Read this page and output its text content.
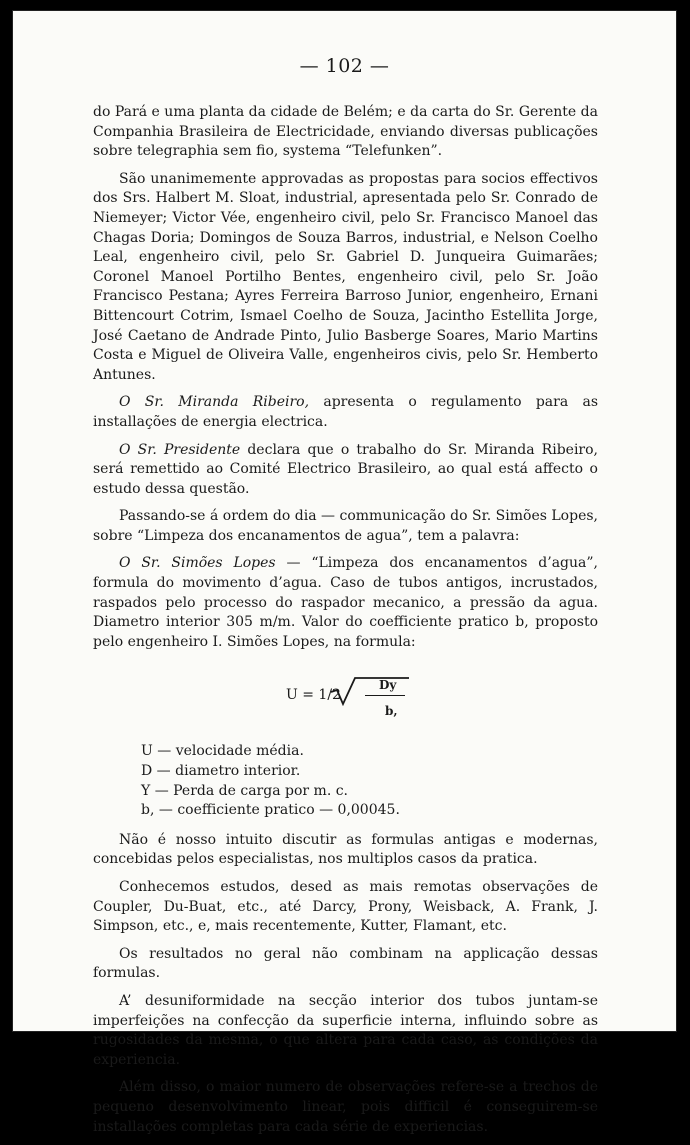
— 102 —

do Pará e uma planta da cidade de Belém; e da carta do Sr. Gerente da Companhia Brasileira de Electricidade, enviando diversas publicações sobre telegraphia sem fio, systema “Telefunken”.

São unanimemente approvadas as propostas para socios effectivos dos Srs. Halbert M. Sloat, industrial, apresentada pelo Sr. Conrado de Niemeyer; Victor Vée, engenheiro civil, pelo Sr. Francisco Manoel das Chagas Doria; Domingos de Souza Barros, industrial, e Nelson Coelho Leal, engenheiro civil, pelo Sr. Gabriel D. Junqueira Guimarães; Coronel Manoel Portilho Bentes, engenheiro civil, pelo Sr. João Francisco Pestana; Ayres Ferreira Barroso Junior, engenheiro, Ernani Bittencourt Cotrim, Ismael Coelho de Souza, Jacintho Estellita Jorge, José Caetano de Andrade Pinto, Julio Basberge Soares, Mario Martins Costa e Miguel de Oliveira Valle, engenheiros civis, pelo Sr. Hemberto Antunes.

O Sr. Miranda Ribeiro, apresenta o regulamento para as installações de energia electrica.

O Sr. Presidente declara que o trabalho do Sr. Miranda Ribeiro, será remettido ao Comité Electrico Brasileiro, ao qual está affecto o estudo dessa questão.

Passando-se á ordem do dia — communicação do Sr. Simões Lopes, sobre “Limpeza dos encanamentos de agua”, tem a palavra:

O Sr. Simões Lopes — “Limpeza dos encanamentos d’agua”, formula do movimento d’agua. Caso de tubos antigos, incrustados, raspados pelo processo do raspador mecanico, a pressão da agua. Diametro interior 305 m/m. Valor do coefficiente pratico b, proposto pelo engenheiro I. Simões Lopes, na formula:

U = 1/2
Dy
b,
U — velocidade média.
D — diametro interior.
Y — Perda de carga por m. c.
b, — coefficiente pratico — 0,00045.

Não é nosso intuito discutir as formulas antigas e modernas, concebidas pelos especialistas, nos multiplos casos da pratica.

Conhecemos estudos, desed as mais remotas observações de Coupler, Du-Buat, etc., até Darcy, Prony, Weisback, A. Frank, J. Simpson, etc., e, mais recentemente, Kutter, Flamant, etc.

Os resultados no geral não combinam na applicação dessas formulas.

A’ desuniformidade na secção interior dos tubos juntam-se imperfeições na confecção da superficie interna, influindo sobre as rugosidades da mesma, o que altera para cada caso, as condições da experiencia.

Além disso, o maior numero de observações refere-se a trechos de pequeno desenvolvimento linear, pois difficil é conseguirem-se installações completas para cada série de experiencias.
